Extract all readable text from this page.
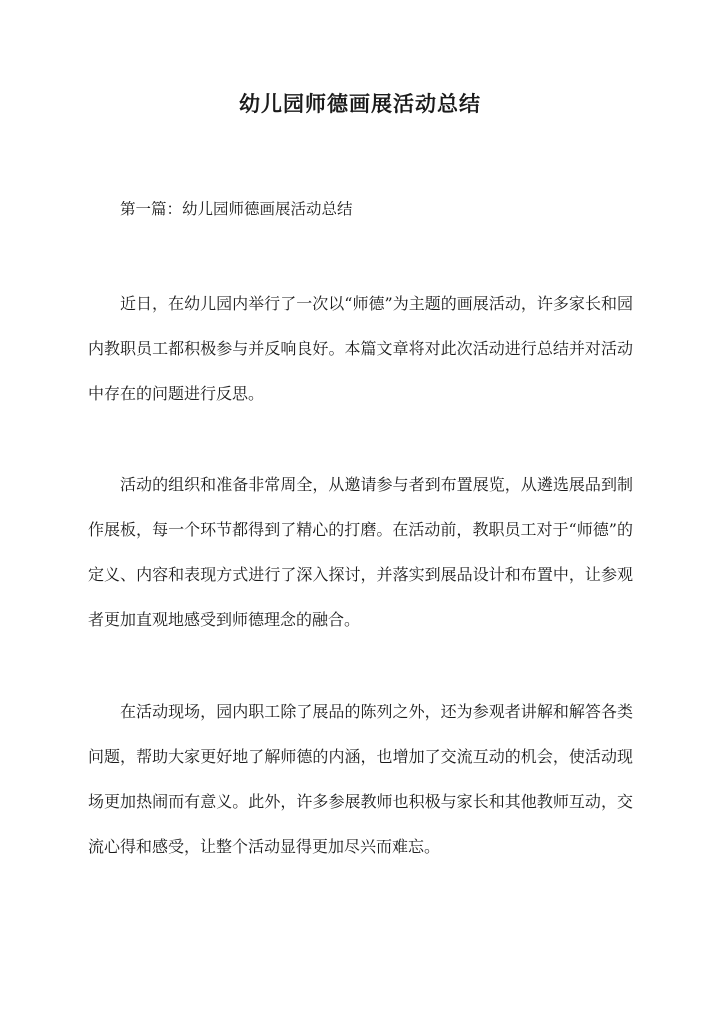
幼儿园师德画展活动总结

第一篇：幼儿园师德画展活动总结

近日，在幼儿园内举行了一次以“师德”为主题的画展活动，许多家长和园内教职员工都积极参与并反响良好。本篇文章将对此次活动进行总结并对活动中存在的问题进行反思。

活动的组织和准备非常周全，从邀请参与者到布置展览，从遴选展品到制作展板，每一个环节都得到了精心的打磨。在活动前，教职员工对于“师德”的定义、内容和表现方式进行了深入探讨，并落实到展品设计和布置中，让参观者更加直观地感受到师德理念的融合。

在活动现场，园内职工除了展品的陈列之外，还为参观者讲解和解答各类问题，帮助大家更好地了解师德的内涵，也增加了交流互动的机会，使活动现场更加热闹而有意义。此外，许多参展教师也积极与家长和其他教师互动，交流心得和感受，让整个活动显得更加尽兴而难忘。
